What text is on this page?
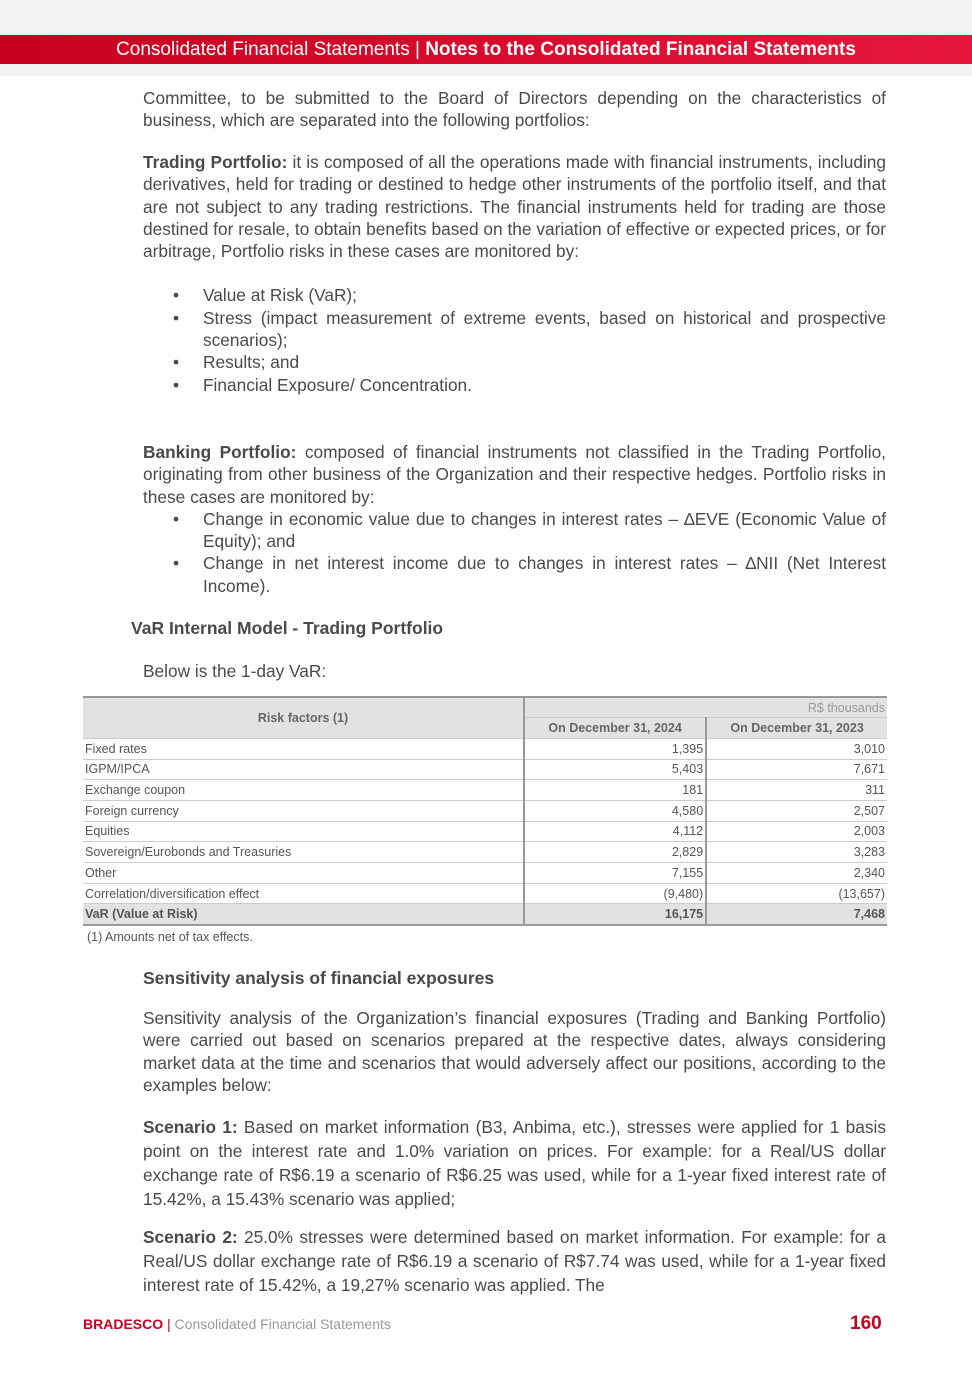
Consolidated Financial Statements | Notes to the Consolidated Financial Statements

Committee, to be submitted to the Board of Directors depending on the characteristics of business, which are separated into the following portfolios:

Trading Portfolio: it is composed of all the operations made with financial instruments, including derivatives, held for trading or destined to hedge other instruments of the portfolio itself, and that are not subject to any trading restrictions. The financial instruments held for trading are those destined for resale, to obtain benefits based on the variation of effective or expected prices, or for arbitrage, Portfolio risks in these cases are monitored by:

• Value at Risk (VaR);
• Stress (impact measurement of extreme events, based on historical and prospective scenarios);
• Results; and
• Financial Exposure/ Concentration.

Banking Portfolio: composed of financial instruments not classified in the Trading Portfolio, originating from other business of the Organization and their respective hedges. Portfolio risks in these cases are monitored by:

• Change in economic value due to changes in interest rates – ∆EVE (Economic Value of Equity); and
• Change in net interest income due to changes in interest rates – ∆NII (Net Interest Income).
VaR Internal Model - Trading Portfolio

Below is the 1-day VaR:

Risk factors (1)	R$ thousands	
	On December 31, 2024	On December 31, 2023
Fixed rates	1,395	3,010
IGPM/IPCA	5,403	7,671
Exchange coupon	181	311
Foreign currency	4,580	2,507
Equities	4,112	2,003
Sovereign/Eurobonds and Treasuries	2,829	3,283
Other	7,155	2,340
Correlation/diversification effect	(9,480)	(13,657)
VaR (Value at Risk)	16,175	7,468

(1) Amounts net of tax effects.

Sensitivity analysis of financial exposures

Sensitivity analysis of the Organization’s financial exposures (Trading and Banking Portfolio) were carried out based on scenarios prepared at the respective dates, always considering market data at the time and scenarios that would adversely affect our positions, according to the examples below:

Scenario 1: Based on market information (B3, Anbima, etc.), stresses were applied for 1 basis point on the interest rate and 1.0% variation on prices. For example: for a Real/US dollar exchange rate of R$6.19 a scenario of R$6.25 was used, while for a 1-year fixed interest rate of 15.42%, a 15.43% scenario was applied;

Scenario 2: 25.0% stresses were determined based on market information. For example: for a Real/US dollar exchange rate of R$6.19 a scenario of R$7.74 was used, while for a 1-year fixed interest rate of 15.42%, a 19,27% scenario was applied. The

BRADESCO | Consolidated Financial Statements	160
